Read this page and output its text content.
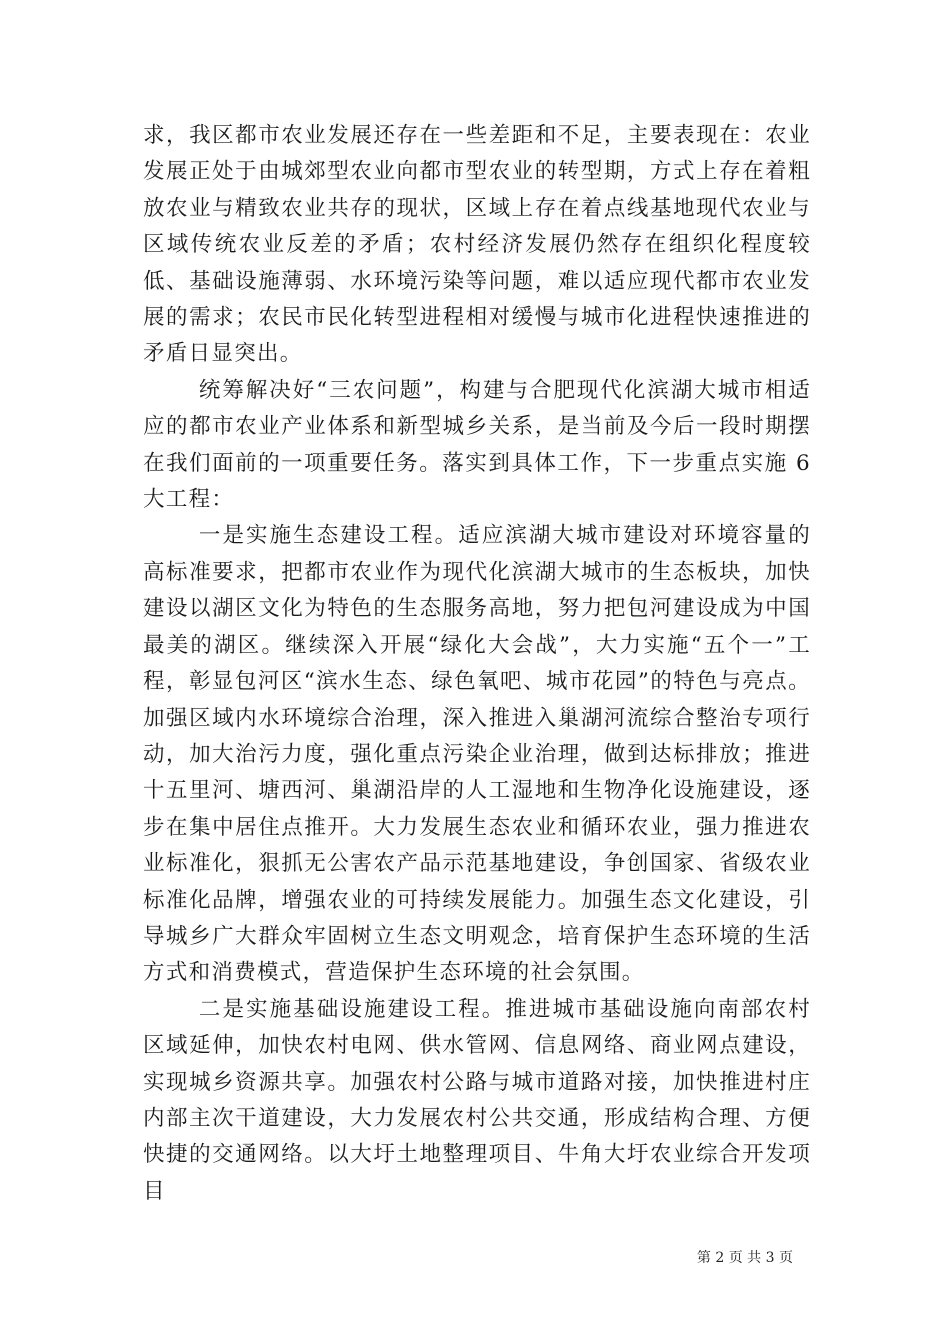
求，我区都市农业发展还存在一些差距和不足，主要表现在：农业发展正处于由城郊型农业向都市型农业的转型期，方式上存在着粗放农业与精致农业共存的现状，区域上存在着点线基地现代农业与区域传统农业反差的矛盾；农村经济发展仍然存在组织化程度较低、基础设施薄弱、水环境污染等问题，难以适应现代都市农业发展的需求；农民市民化转型进程相对缓慢与城市化进程快速推进的矛盾日显突出。

统筹解决好“三农问题”，构建与合肥现代化滨湖大城市相适应的都市农业产业体系和新型城乡关系，是当前及今后一段时期摆在我们面前的一项重要任务。落实到具体工作，下一步重点实施 6 大工程：

一是实施生态建设工程。适应滨湖大城市建设对环境容量的高标准要求，把都市农业作为现代化滨湖大城市的生态板块，加快建设以湖区文化为特色的生态服务高地，努力把包河建设成为中国最美的湖区。继续深入开展“绿化大会战”，大力实施“五个一”工程，彰显包河区“滨水生态、绿色氧吧、城市花园”的特色与亮点。加强区域内水环境综合治理，深入推进入巢湖河流综合整治专项行动，加大治污力度，强化重点污染企业治理，做到达标排放；推进十五里河、塘西河、巢湖沿岸的人工湿地和生物净化设施建设，逐步在集中居住点推开。大力发展生态农业和循环农业，强力推进农业标准化，狠抓无公害农产品示范基地建设，争创国家、省级农业标准化品牌，增强农业的可持续发展能力。加强生态文化建设，引导城乡广大群众牢固树立生态文明观念，培育保护生态环境的生活方式和消费模式，营造保护生态环境的社会氛围。

二是实施基础设施建设工程。推进城市基础设施向南部农村区域延伸，加快农村电网、供水管网、信息网络、商业网点建设，实现城乡资源共享。加强农村公路与城市道路对接，加快推进村庄内部主次干道建设，大力发展农村公共交通，形成结构合理、方便快捷的交通网络。以大圩土地整理项目、牛角大圩农业综合开发项目

第 2 页 共 3 页
